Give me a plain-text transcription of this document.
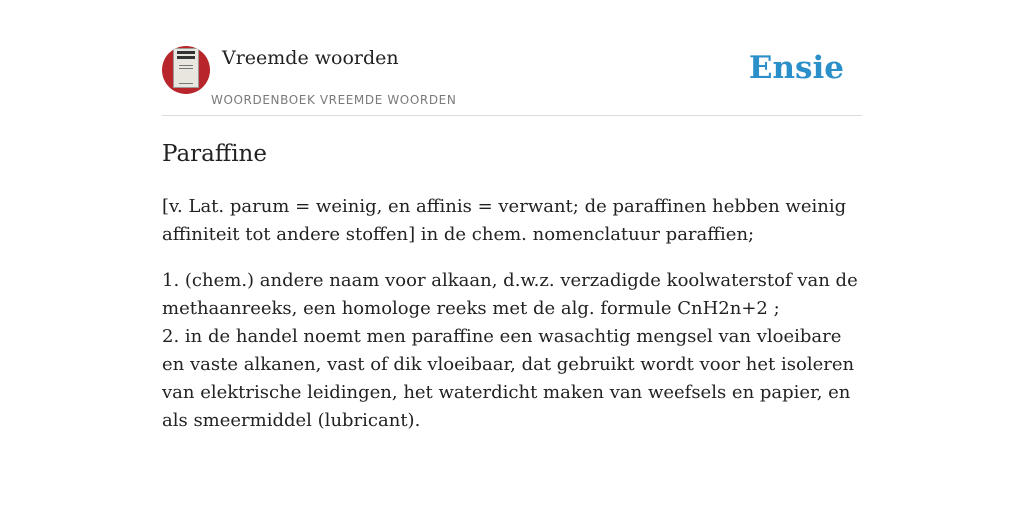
Vreemde woorden
WOORDENBOEK VREEMDE WOORDEN
Ensie
Paraffine

[v. Lat. parum = weinig, en affinis = verwant; de paraffinen hebben weinig affiniteit tot andere stoffen] in de chem. nomenclatuur paraffien;

1. (chem.) andere naam voor alkaan, d.w.z. verzadigde koolwaterstof van de methaanreeks, een homologe reeks met de alg. formule CnH2n+2 ;
2. in de handel noemt men paraffine een wasachtig mengsel van vloeibare en vaste alkanen, vast of dik vloeibaar, dat gebruikt wordt voor het isoleren van elektrische leidingen, het waterdicht maken van weefsels en papier, en als smeermiddel (lubricant).
